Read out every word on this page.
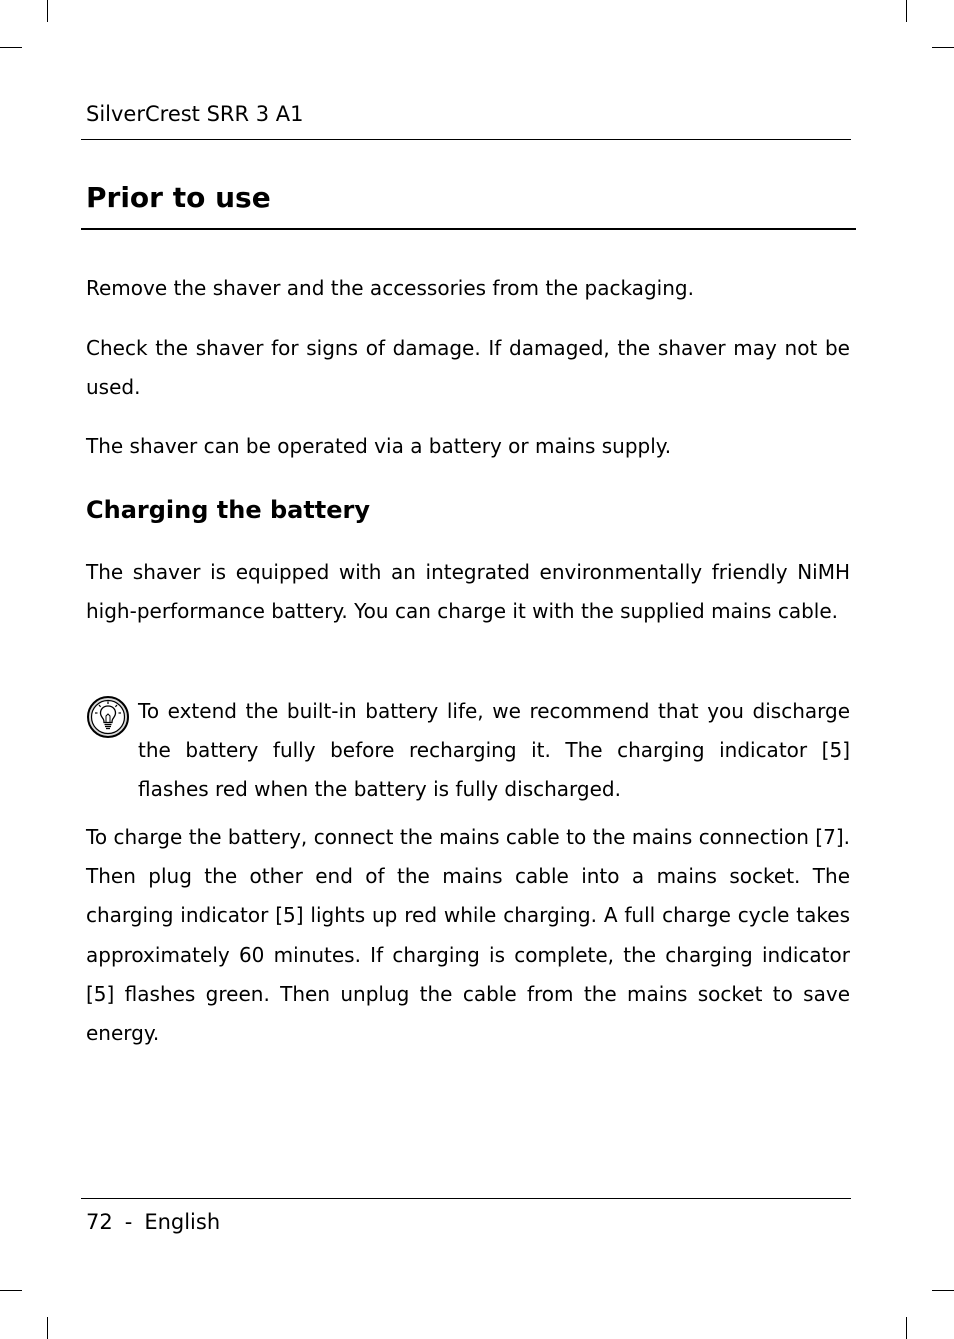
SilverCrest SRR 3 A1
Prior to use

Remove the shaver and the accessories from the packaging.

Check the shaver for signs of damage. If damaged, the shaver may not be used.

The shaver can be operated via a battery or mains supply.

Charging the battery

The shaver is equipped with an integrated environmentally friendly NiMH high-performance battery. You can charge it with the supplied mains cable.

To extend the built-in battery life, we recommend that you discharge the battery fully before recharging it. The charging indicator [5] flashes red when the battery is fully discharged.

To charge the battery, connect the mains cable to the mains connection [7]. Then plug the other end of the mains cable into a mains socket. The charging indicator [5] lights up red while charging. A full charge cycle takes approximately 60 minutes. If charging is complete, the charging indicator [5] flashes green. Then unplug the cable from the mains socket to save energy.

72 - English
